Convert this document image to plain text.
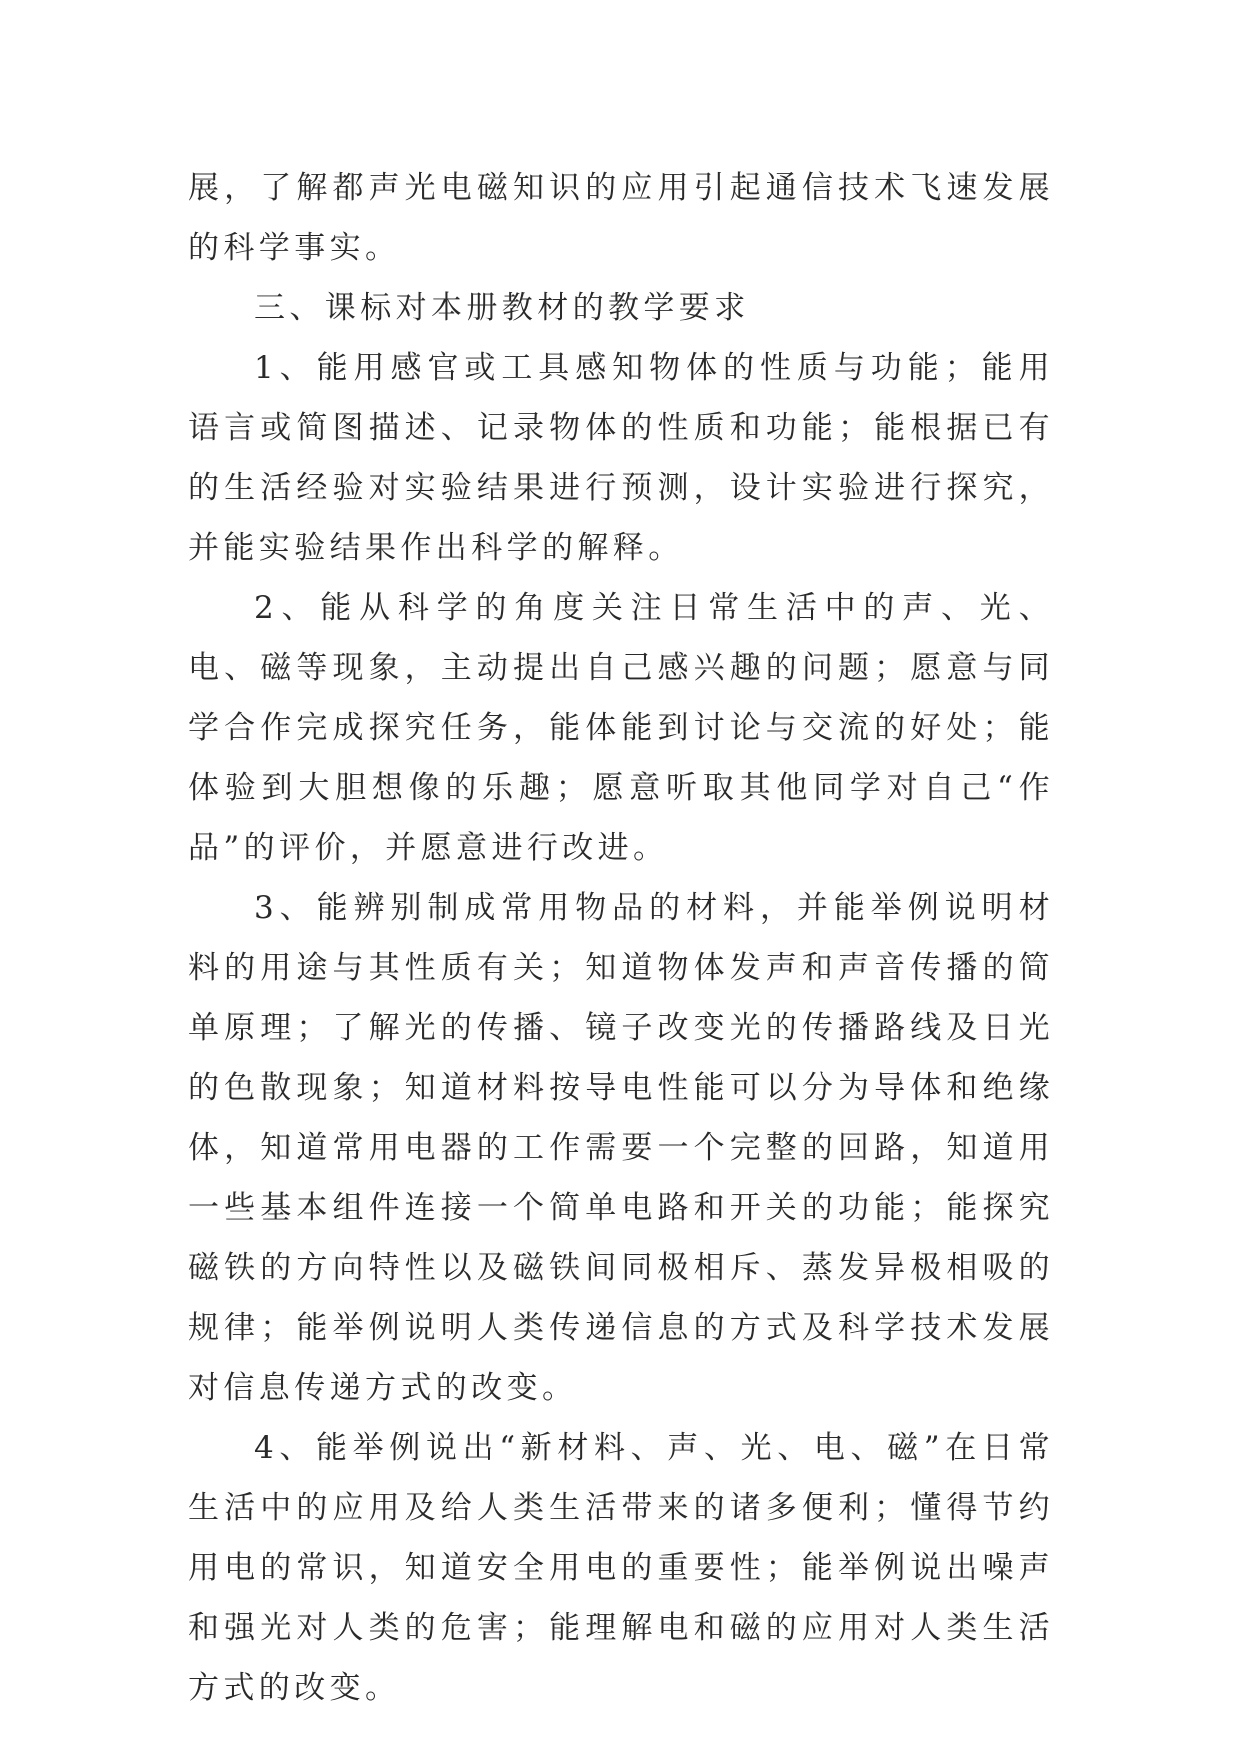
展，了解都声光电磁知识的应用引起通信技术飞速发展的科学事实。

三、课标对本册教材的教学要求

1、能用感官或工具感知物体的性质与功能；能用语言或简图描述、记录物体的性质和功能；能根据已有的生活经验对实验结果进行预测，设计实验进行探究，并能实验结果作出科学的解释。

2、能从科学的角度关注日常生活中的声、光、电、磁等现象，主动提出自己感兴趣的问题；愿意与同学合作完成探究任务，能体能到讨论与交流的好处；能体验到大胆想像的乐趣；愿意听取其他同学对自己“作品”的评价，并愿意进行改进。

3、能辨别制成常用物品的材料，并能举例说明材料的用途与其性质有关；知道物体发声和声音传播的简单原理；了解光的传播、镜子改变光的传播路线及日光的色散现象；知道材料按导电性能可以分为导体和绝缘体，知道常用电器的工作需要一个完整的回路，知道用一些基本组件连接一个简单电路和开关的功能；能探究磁铁的方向特性以及磁铁间同极相斥、蒸发异极相吸的规律；能举例说明人类传递信息的方式及科学技术发展对信息传递方式的改变。

4、能举例说出“新材料、声、光、电、磁”在日常生活中的应用及给人类生活带来的诸多便利；懂得节约用电的常识，知道安全用电的重要性；能举例说出噪声和强光对人类的危害；能理解电和磁的应用对人类生活方式的改变。
